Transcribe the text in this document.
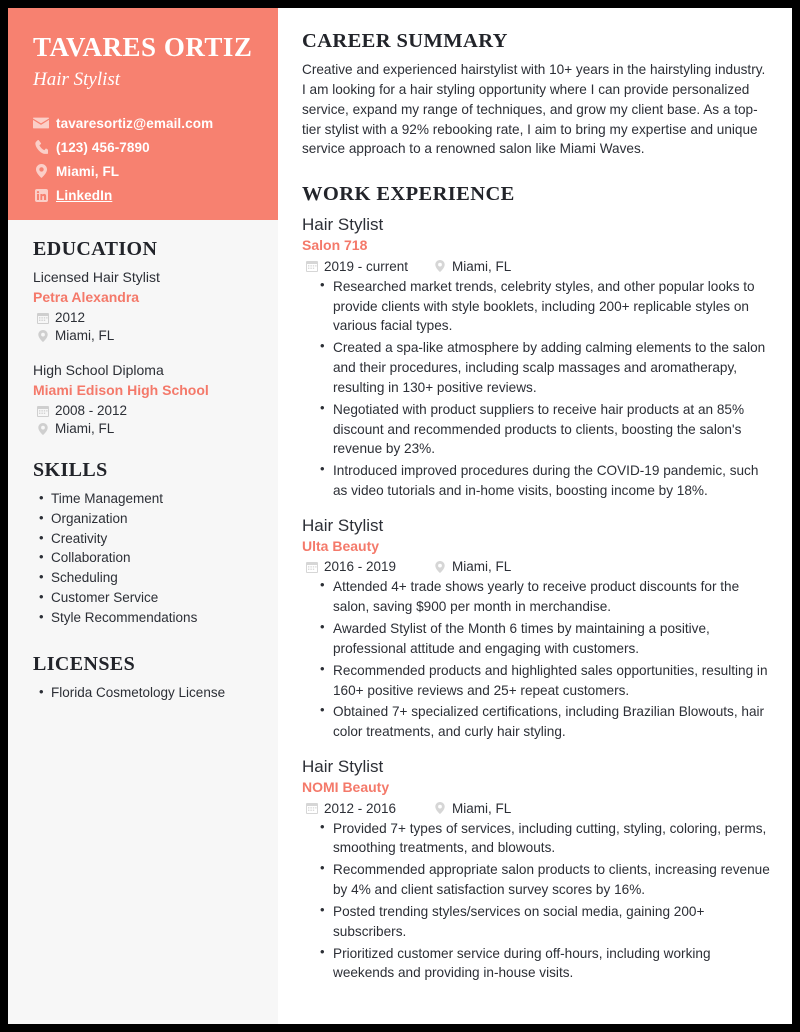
TAVARES ORTIZ
Hair Stylist
tavaresortiz@email.com
(123) 456-7890
Miami, FL
LinkedIn
EDUCATION
Licensed Hair Stylist
Petra Alexandra
2012
Miami, FL
High School Diploma
Miami Edison High School
2008 - 2012
Miami, FL
SKILLS
• Time Management
• Organization
• Creativity
• Collaboration
• Scheduling
• Customer Service
• Style Recommendations
LICENSES
• Florida Cosmetology License
CAREER SUMMARY

Creative and experienced hairstylist with 10+ years in the hairstyling industry. I am looking for a hair styling opportunity where I can provide personalized service, expand my range of techniques, and grow my client base. As a top-tier stylist with a 92% rebooking rate, I aim to bring my expertise and unique service approach to a renowned salon like Miami Waves.

WORK EXPERIENCE
Hair Stylist
Salon 718
2019 - current	Miami, FL
• Researched market trends, celebrity styles, and other popular looks to provide clients with style booklets, including 200+ replicable styles on various facial types.
• Created a spa-like atmosphere by adding calming elements to the salon and their procedures, including scalp massages and aromatherapy, resulting in 130+ positive reviews.
• Negotiated with product suppliers to receive hair products at an 85% discount and recommended products to clients, boosting the salon's revenue by 23%.
• Introduced improved procedures during the COVID-19 pandemic, such as video tutorials and in-home visits, boosting income by 18%.
Hair Stylist
Ulta Beauty
2016 - 2019	Miami, FL
• Attended 4+ trade shows yearly to receive product discounts for the salon, saving $900 per month in merchandise.
• Awarded Stylist of the Month 6 times by maintaining a positive, professional attitude and engaging with customers.
• Recommended products and highlighted sales opportunities, resulting in 160+ positive reviews and 25+ repeat customers.
• Obtained 7+ specialized certifications, including Brazilian Blowouts, hair color treatments, and curly hair styling.
Hair Stylist
NOMI Beauty
2012 - 2016	Miami, FL
• Provided 7+ types of services, including cutting, styling, coloring, perms, smoothing treatments, and blowouts.
• Recommended appropriate salon products to clients, increasing revenue by 4% and client satisfaction survey scores by 16%.
• Posted trending styles/services on social media, gaining 200+ subscribers.
• Prioritized customer service during off-hours, including working weekends and providing in-house visits.
